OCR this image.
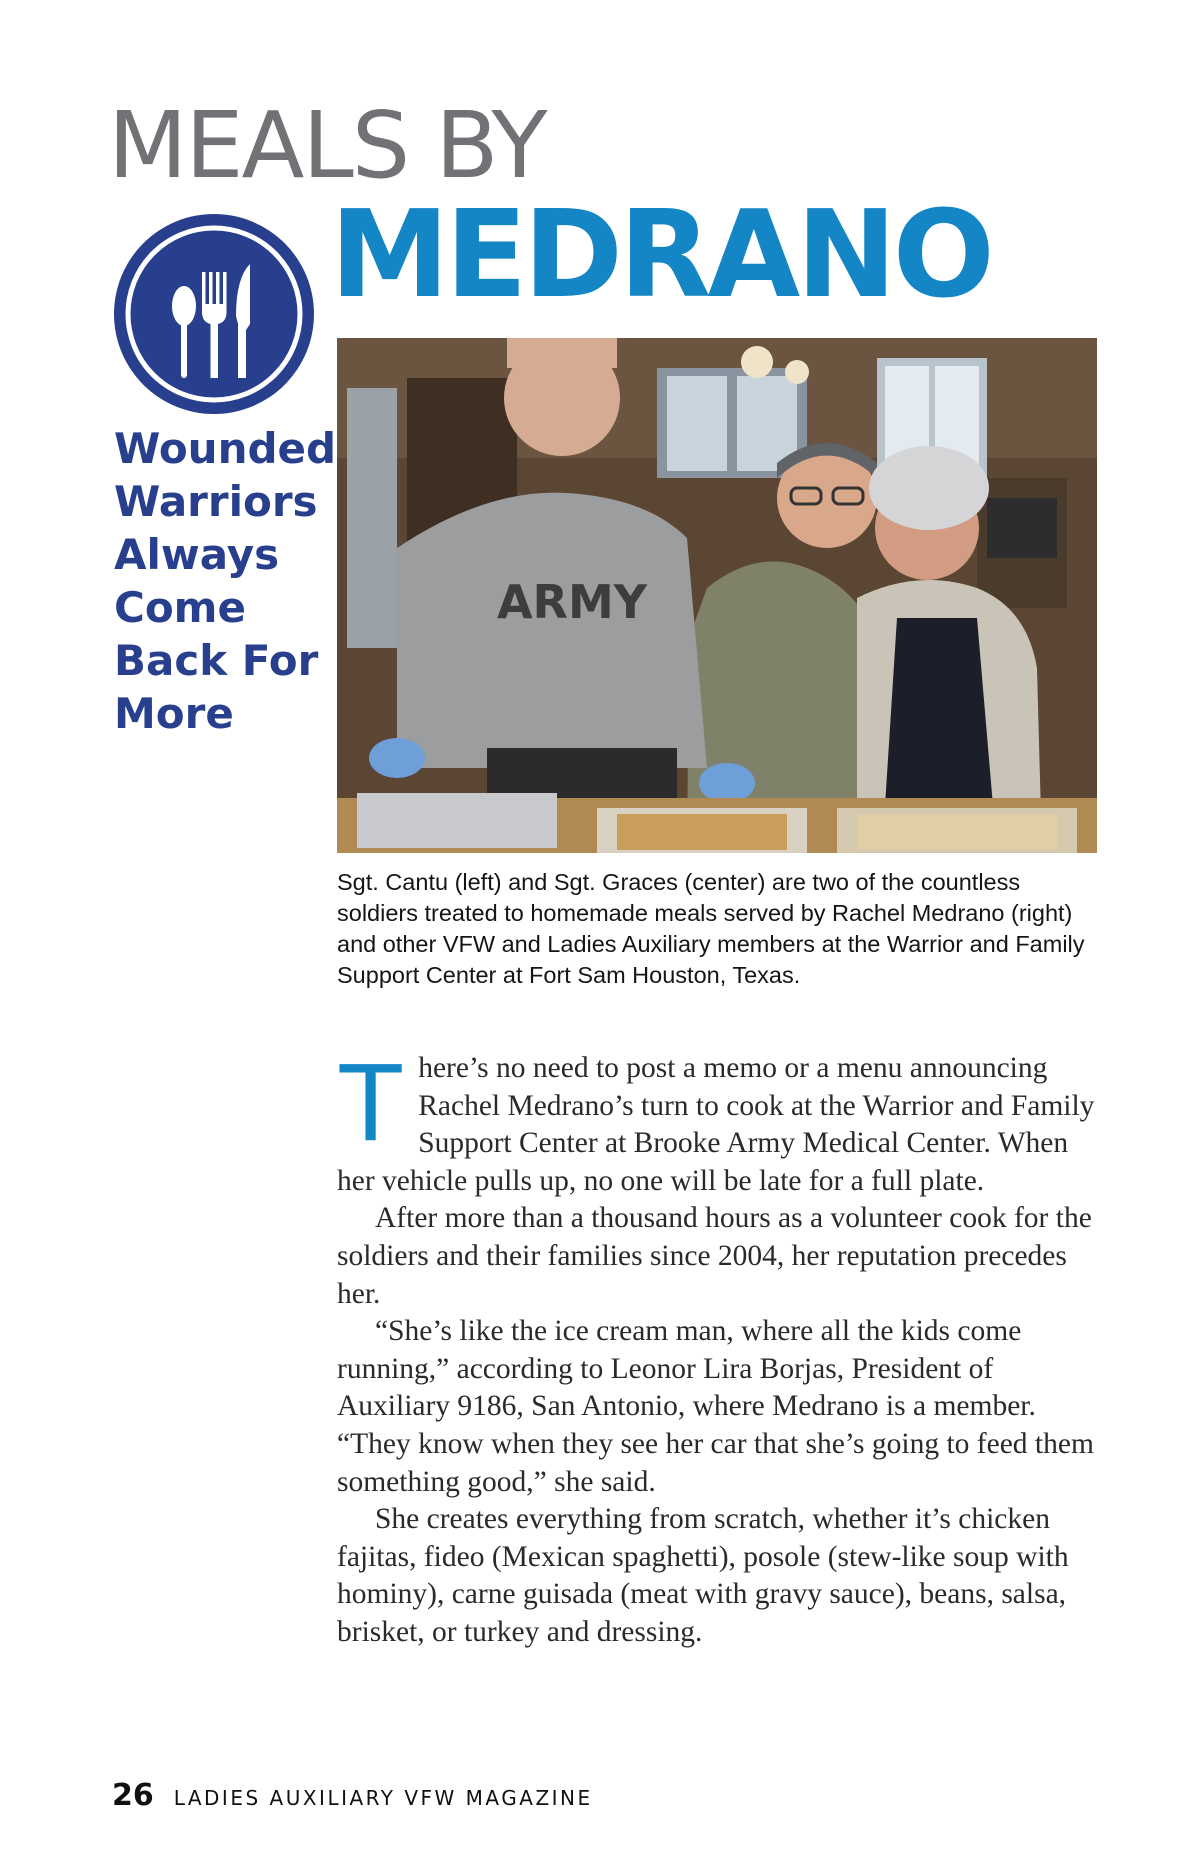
MEALS BY
MEDRANO
Wounded
Warriors
Always
Come
Back For
More
ARMY

Sgt. Cantu (left) and Sgt. Graces (center) are two of the countless soldiers treated to homemade meals served by Rachel Medrano (right) and other VFW and Ladies Auxiliary members at the Warrior and Family Support Center at Fort Sam Houston, Texas.

There’s no need to post a memo or a menu announcing Rachel Medrano’s turn to cook at the Warrior and Family Support Center at Brooke Army Medical Center. When her vehicle pulls up, no one will be late for a full plate.

After more than a thousand hours as a volunteer cook for the soldiers and their families since 2004, her reputation precedes her.

“She’s like the ice cream man, where all the kids come running,” according to Leonor Lira Borjas, President of Auxiliary 9186, San Antonio, where Medrano is a member. “They know when they see her car that she’s going to feed them something good,” she said.

She creates everything from scratch, whether it’s chicken fajitas, fideo (Mexican spaghetti), posole (stew-like soup with hominy), carne guisada (meat with gravy sauce), beans, salsa, brisket, or turkey and dressing.

26 LADIES AUXILIARY VFW MAGAZINE
